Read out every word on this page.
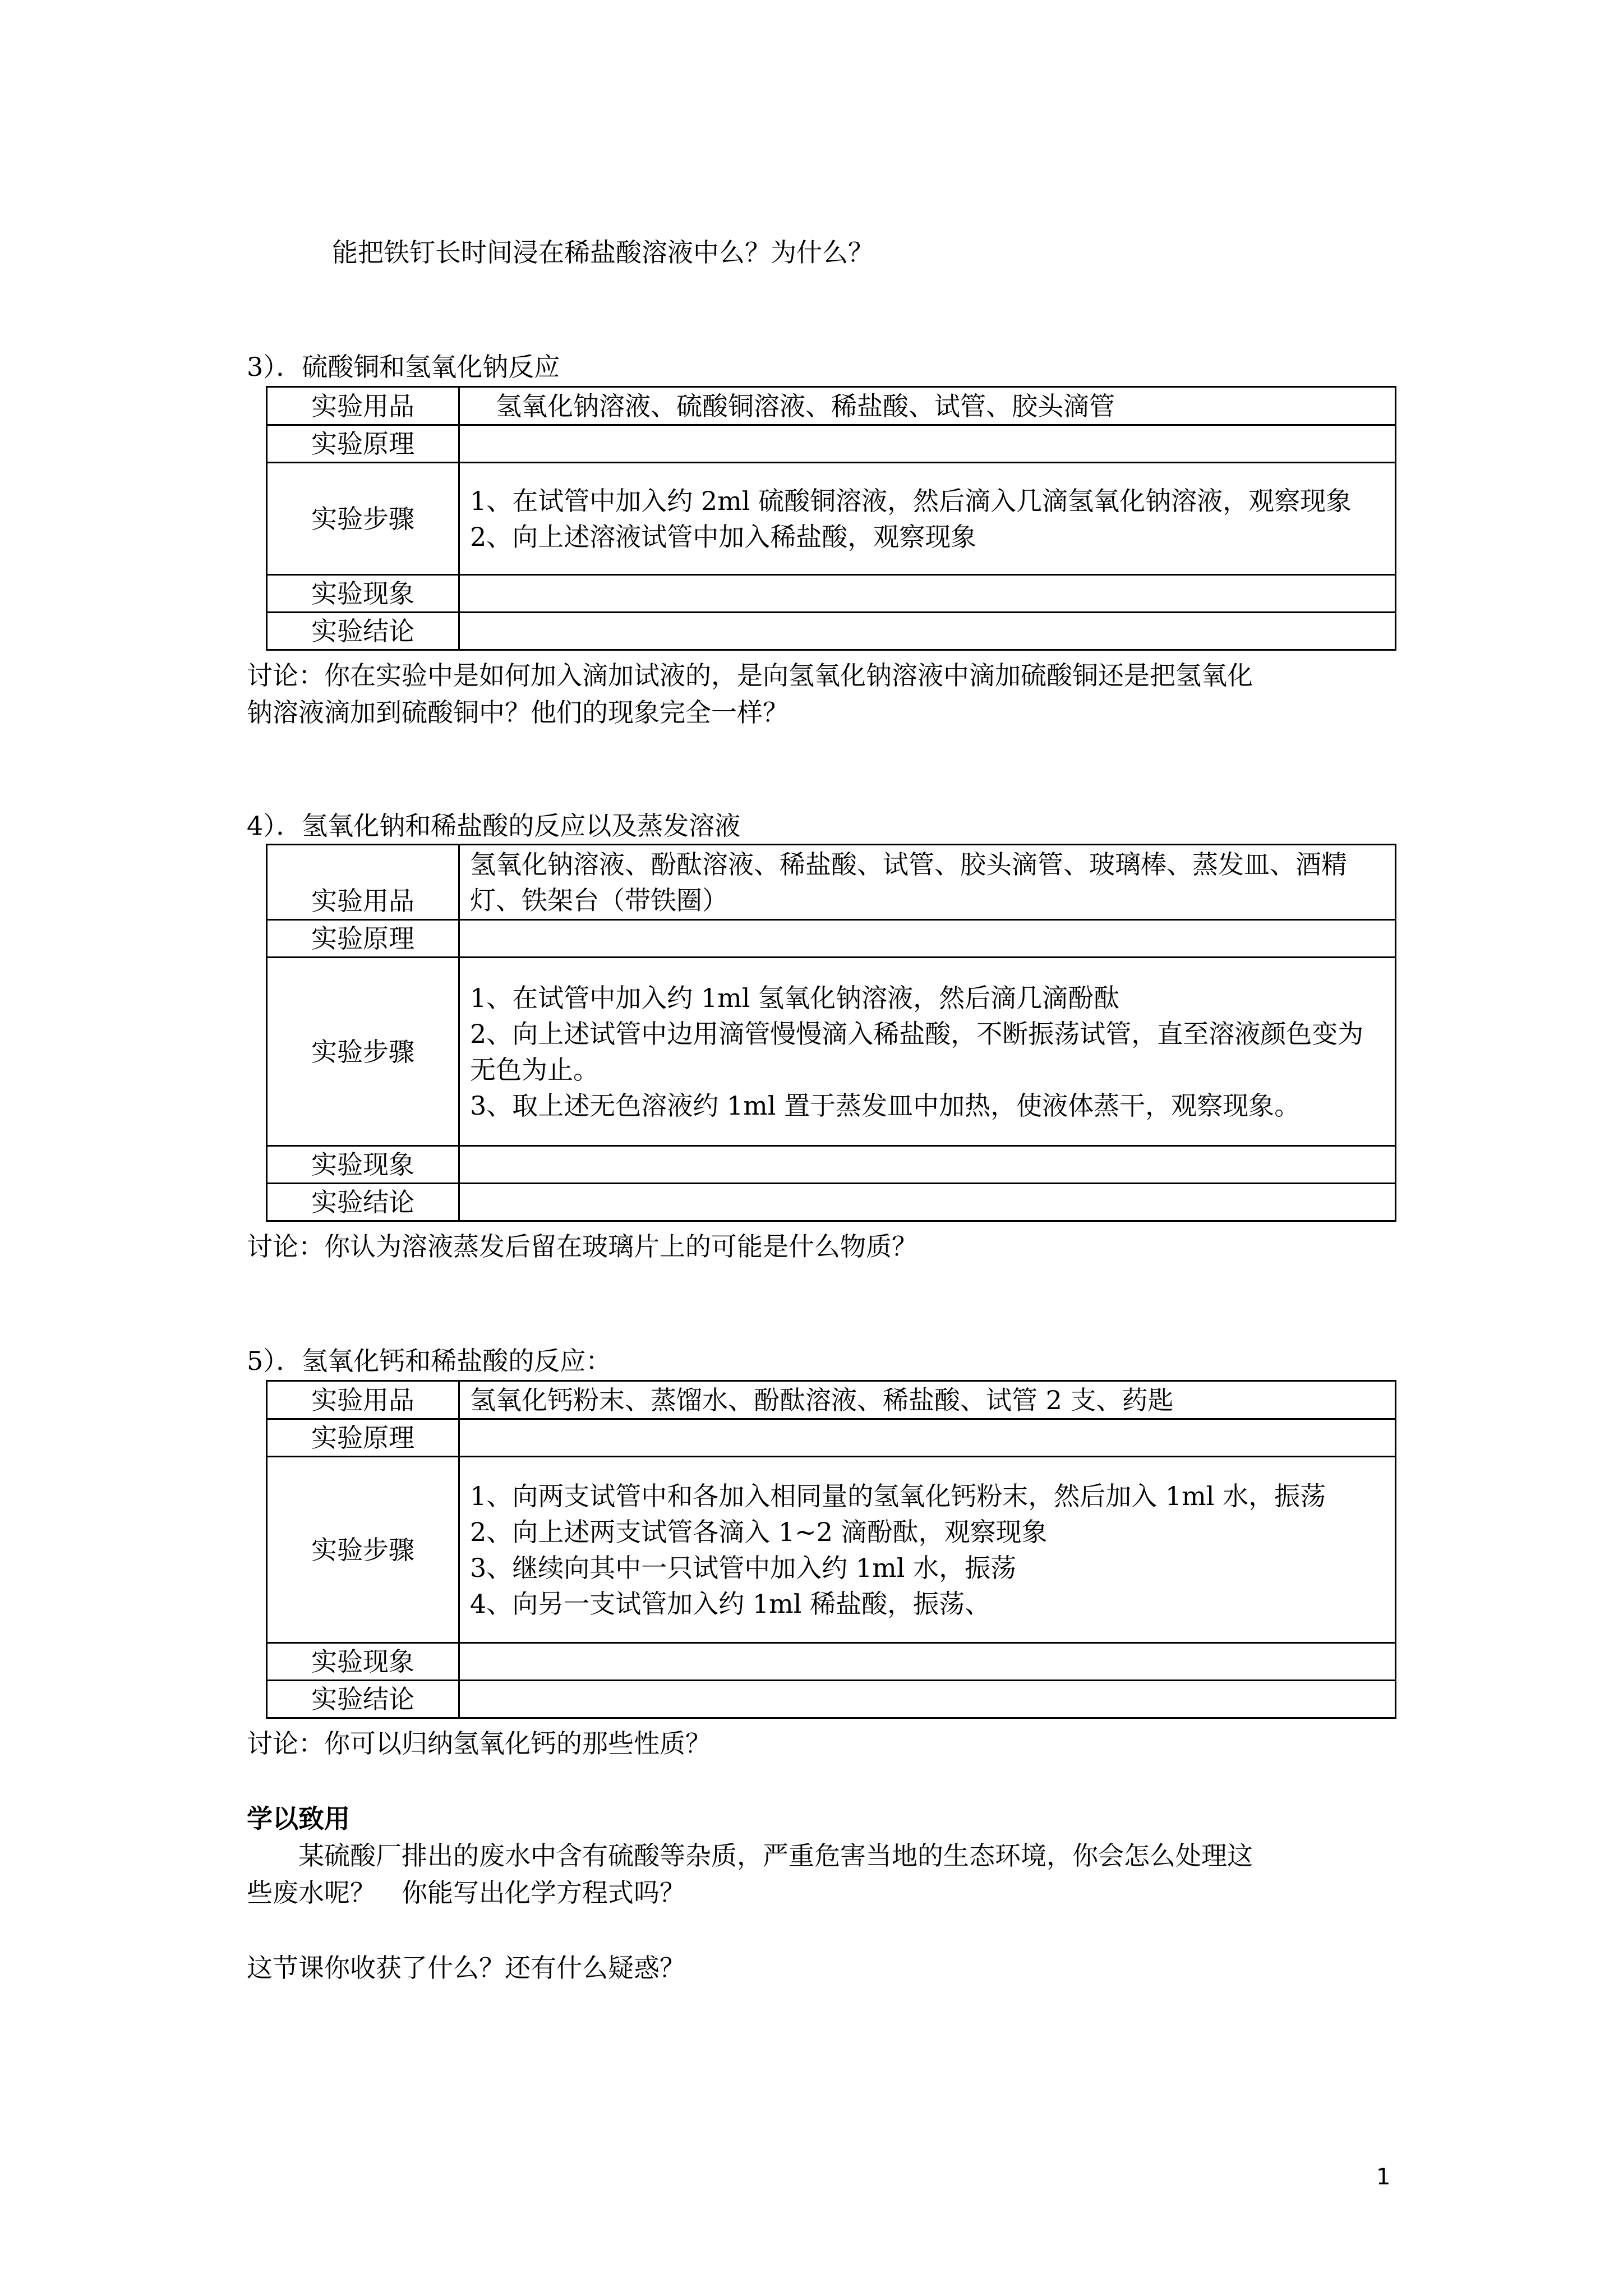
能把铁钉长时间浸在稀盐酸溶液中么？为什么？
3）．硫酸铜和氢氧化钠反应
实验用品	　氢氧化钠溶液、硫酸铜溶液、稀盐酸、试管、胶头滴管

实验原理	
实验步骤	1、在试管中加入约 2ml 硫酸铜溶液，然后滴入几滴氢氧化钠溶液，观察现象
2、向上述溶液试管中加入稀盐酸，观察现象

实验现象	
实验结论	
讨论：你在实验中是如何加入滴加试液的，是向氢氧化钠溶液中滴加硫酸铜还是把氢氧化
钠溶液滴加到硫酸铜中？他们的现象完全一样？
4）．氢氧化钠和稀盐酸的反应以及蒸发溶液
实验用品	氢氧化钠溶液、酚酞溶液、稀盐酸、试管、胶头滴管、玻璃棒、蒸发皿、酒精灯、铁架台（带铁圈）

实验原理	
实验步骤	1、在试管中加入约 1ml 氢氧化钠溶液，然后滴几滴酚酞
2、向上述试管中边用滴管慢慢滴入稀盐酸，不断振荡试管，直至溶液颜色变为无色为止。
3、取上述无色溶液约 1ml 置于蒸发皿中加热，使液体蒸干，观察现象。

实验现象	
实验结论	
讨论：你认为溶液蒸发后留在玻璃片上的可能是什么物质？
5）．氢氧化钙和稀盐酸的反应：
实验用品	氢氧化钙粉末、蒸馏水、酚酞溶液、稀盐酸、试管 2 支、药匙

实验原理	
实验步骤	1、向两支试管中和各加入相同量的氢氧化钙粉末，然后加入 1ml 水，振荡
2、向上述两支试管各滴入 1~2 滴酚酞，观察现象
3、继续向其中一只试管中加入约 1ml 水，振荡
4、向另一支试管加入约 1ml 稀盐酸，振荡、

实验现象	
实验结论	
讨论：你可以归纳氢氧化钙的那些性质？
学以致用
　　某硫酸厂排出的废水中含有硫酸等杂质，严重危害当地的生态环境，你会怎么处理这
些废水呢？　你能写出化学方程式吗？
这节课你收获了什么？还有什么疑惑？
1
